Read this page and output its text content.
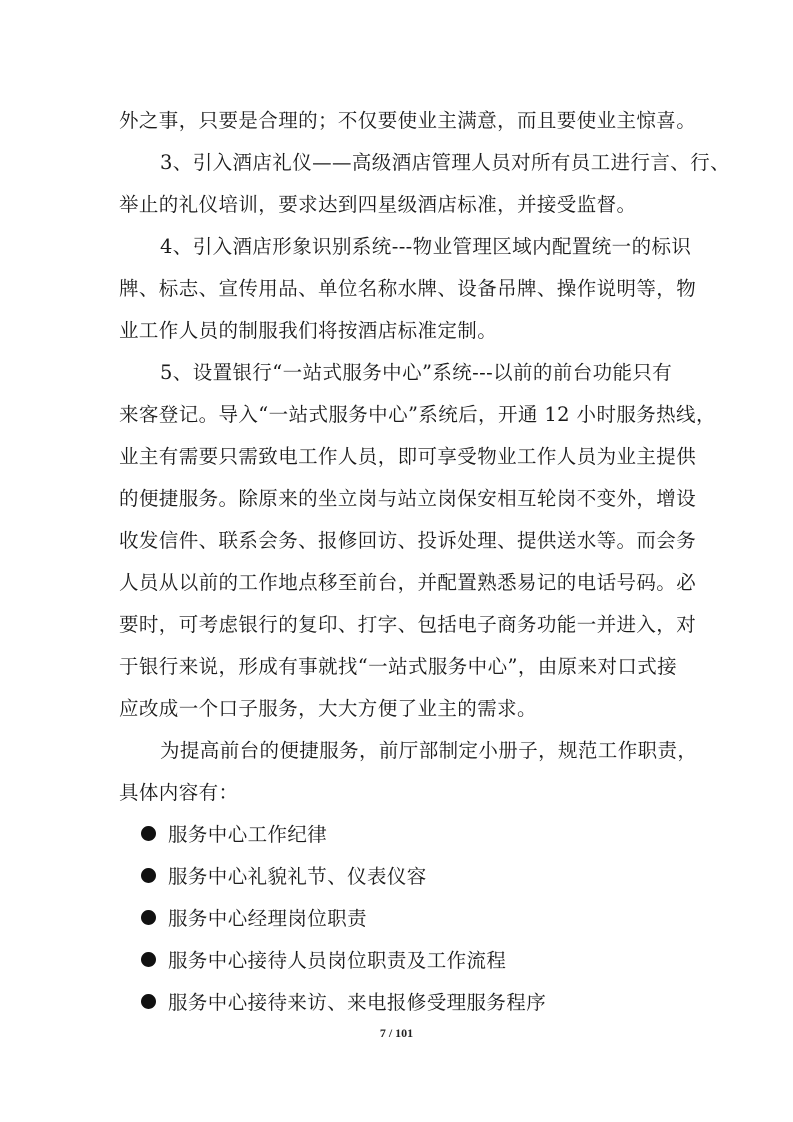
外之事，只要是合理的；不仅要使业主满意，而且要使业主惊喜。
3、引入酒店礼仪——高级酒店管理人员对所有员工进行言、行、
举止的礼仪培训，要求达到四星级酒店标准，并接受监督。
4、引入酒店形象识别系统---物业管理区域内配置统一的标识
牌、标志、宣传用品、单位名称水牌、设备吊牌、操作说明等，物
业工作人员的制服我们将按酒店标准定制。
5、设置银行“一站式服务中心”系统---以前的前台功能只有
来客登记。导入“一站式服务中心”系统后，开通 12 小时服务热线，
业主有需要只需致电工作人员，即可享受物业工作人员为业主提供
的便捷服务。除原来的坐立岗与站立岗保安相互轮岗不变外，增设
收发信件、联系会务、报修回访、投诉处理、提供送水等。而会务
人员从以前的工作地点移至前台，并配置熟悉易记的电话号码。必
要时，可考虑银行的复印、打字、包括电子商务功能一并进入，对
于银行来说，形成有事就找“一站式服务中心”，由原来对口式接
应改成一个口子服务，大大方便了业主的需求。
为提高前台的便捷服务，前厅部制定小册子，规范工作职责，
具体内容有：
服务中心工作纪律
服务中心礼貌礼节、仪表仪容
服务中心经理岗位职责
服务中心接待人员岗位职责及工作流程
服务中心接待来访、来电报修受理服务程序
7 / 101
